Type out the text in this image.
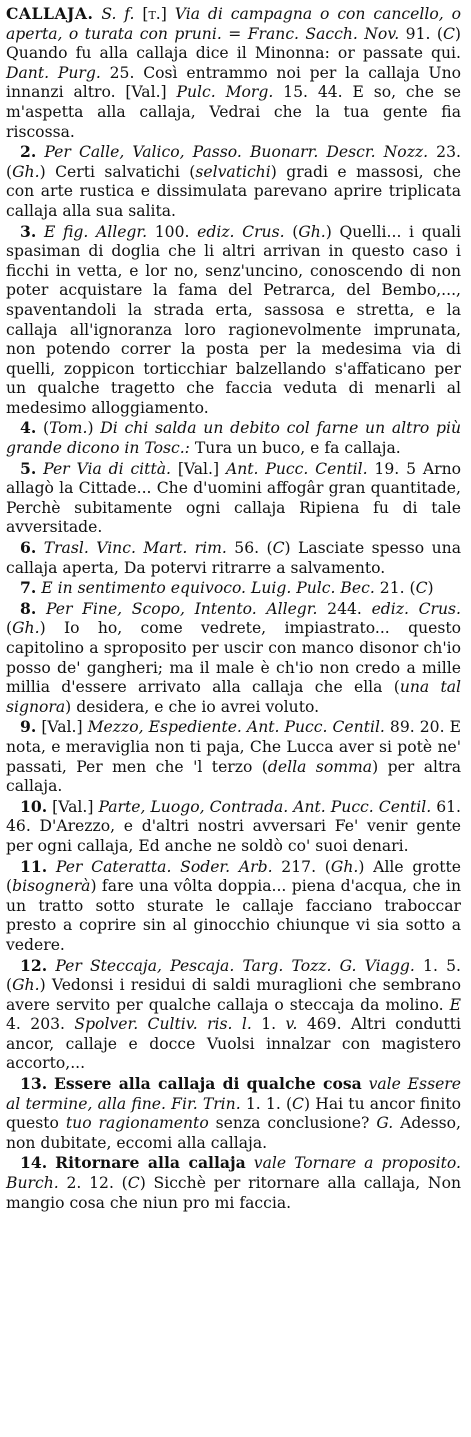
CALLAJA. S. f. [t.] Via di campagna o con cancello, o aperta, o turata con pruni. = Franc. Sacch. Nov. 91. (C) Quando fu alla callaja dice il Minonna: or passate qui. Dant. Purg. 25. Così entrammo noi per la callaja Uno innanzi altro. [Val.] Pulc. Morg. 15. 44. E so, che se m'aspetta alla callaja, Vedrai che la tua gente fia riscossa.

2. Per Calle, Valico, Passo. Buonarr. Descr. Nozz. 23. (Gh.) Certi salvatichi (selvatichi) gradi e massosi, che con arte rustica e dissimulata parevano aprire triplicata callaja alla sua salita.

3. E fig. Allegr. 100. ediz. Crus. (Gh.) Quelli... i quali spasiman di doglia che li altri arrivan in questo caso i ficchi in vetta, e lor no, senz'uncino, conoscendo di non poter acquistare la fama del Petrarca, del Bembo,..., spaventandoli la strada erta, sassosa e stretta, e la callaja all'ignoranza loro ragionevolmente imprunata, non potendo correr la posta per la medesima via di quelli, zoppicon torticchiar balzellando s'affaticano per un qualche tragetto che faccia veduta di menarli al medesimo alloggiamento.

4. (Tom.) Di chi salda un debito col farne un altro più grande dicono in Tosc.: Tura un buco, e fa callaja.

5. Per Via di città. [Val.] Ant. Pucc. Centil. 19. 5 Arno allagò la Cittade... Che d'uomini affogâr gran quantitade, Perchè subitamente ogni callaja Ripiena fu di tale avversitade.

6. Trasl. Vinc. Mart. rim. 56. (C) Lasciate spesso una callaja aperta, Da potervi ritrarre a salvamento.

7. E in sentimento equivoco. Luig. Pulc. Bec. 21. (C)

8. Per Fine, Scopo, Intento. Allegr. 244. ediz. Crus. (Gh.) Io ho, come vedrete, impiastrato... questo capitolino a sproposito per uscir con manco disonor ch'io posso de' gangheri; ma il male è ch'io non credo a mille millia d'essere arrivato alla callaja che ella (una tal signora) desidera, e che io avrei voluto.

9. [Val.] Mezzo, Espediente. Ant. Pucc. Centil. 89. 20. E nota, e meraviglia non ti paja, Che Lucca aver si potè ne' passati, Per men che 'l terzo (della somma) per altra callaja.

10. [Val.] Parte, Luogo, Contrada. Ant. Pucc. Centil. 61. 46. D'Arezzo, e d'altri nostri avversari Fe' venir gente per ogni callaja, Ed anche ne soldò co' suoi denari.

11. Per Cateratta. Soder. Arb. 217. (Gh.) Alle grotte (bisognerà) fare una vôlta doppia... piena d'acqua, che in un tratto sotto sturate le callaje facciano traboccar presto a coprire sin al ginocchio chiunque vi sia sotto a vedere.

12. Per Steccaja, Pescaja. Targ. Tozz. G. Viagg. 1. 5. (Gh.) Vedonsi i residui di saldi muraglioni che sembrano avere servito per qualche callaja o steccaja da molino. E 4. 203. Spolver. Cultiv. ris. l. 1. v. 469. Altri condutti ancor, callaje e docce Vuolsi innalzar con magistero accorto,...

13. Essere alla callaja di qualche cosa vale Essere al termine, alla fine. Fir. Trin. 1. 1. (C) Hai tu ancor finito questo tuo ragionamento senza conclusione? G. Adesso, non dubitate, eccomi alla callaja.

14. Ritornare alla callaja vale Tornare a proposito. Burch. 2. 12. (C) Sicchè per ritornare alla callaja, Non mangio cosa che niun pro mi faccia.
